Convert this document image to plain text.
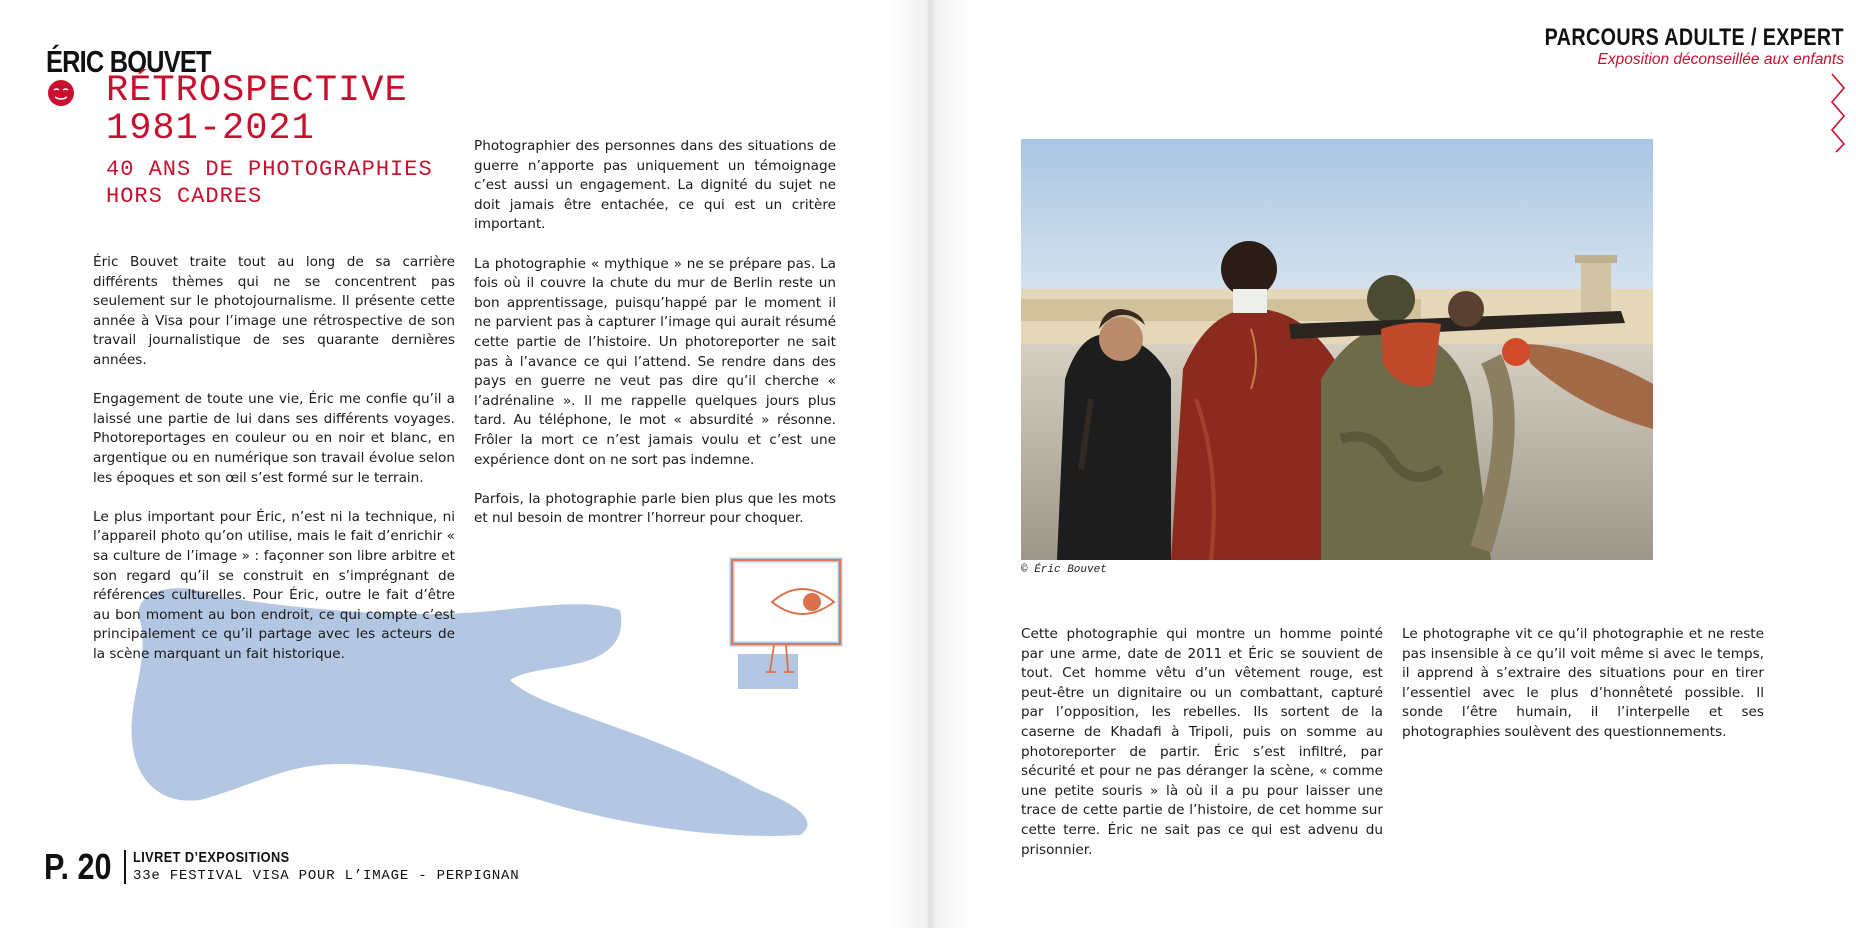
ÉRIC BOUVET
RÉTROSPECTIVE
1981-2021
40 ANS DE PHOTOGRAPHIES
HORS CADRES

Éric Bouvet traite tout au long de sa carrière différents thèmes qui ne se concentrent pas seulement sur le photojournalisme. Il présente cette année à Visa pour l’image une rétrospective de son travail journalistique de ses quarante dernières années.

Engagement de toute une vie, Éric me confie qu’il a laissé une partie de lui dans ses différents voyages. Photoreportages en couleur ou en noir et blanc, en argentique ou en numérique son travail évolue selon les époques et son œil s’est formé sur le terrain.

Le plus important pour Éric, n’est ni la technique, ni l’appareil photo qu’on utilise, mais le fait d’enrichir « sa culture de l’image » : façonner son libre arbitre et son regard qu’il se construit en s’imprégnant de références culturelles. Pour Éric, outre le fait d’être au bon moment au bon endroit, ce qui compte c’est principalement ce qu’il partage avec les acteurs de la scène marquant un fait historique.

Photographier des personnes dans des situations de guerre n’apporte pas uniquement un témoignage c’est aussi un engagement. La dignité du sujet ne doit jamais être entachée, ce qui est un critère important.

La photographie « mythique » ne se prépare pas. La fois où il couvre la chute du mur de Berlin reste un bon apprentissage, puisqu’happé par le moment il ne parvient pas à capturer l’image qui aurait résumé cette partie de l’histoire. Un photoreporter ne sait pas à l’avance ce qui l’attend. Se rendre dans des pays en guerre ne veut pas dire qu’il cherche « l’adrénaline ». Il me rappelle quelques jours plus tard. Au téléphone, le mot « absurdité » résonne. Frôler la mort ce n’est jamais voulu et c’est une expérience dont on ne sort pas indemne.

Parfois, la photographie parle bien plus que les mots et nul besoin de montrer l’horreur pour choquer.

P. 20 LIVRET D’EXPOSITIONS
33e FESTIVAL VISA POUR L’IMAGE - PERPIGNAN
PARCOURS ADULTE / EXPERT
Exposition déconseillée aux enfants
© Éric Bouvet

Cette photographie qui montre un homme pointé par une arme, date de 2011 et Éric se souvient de tout. Cet homme vêtu d’un vêtement rouge, est peut-être un dignitaire ou un combattant, capturé par l’opposition, les rebelles. Ils sortent de la caserne de Khadafi à Tripoli, puis on somme au photoreporter de partir. Éric s’est infiltré, par sécurité et pour ne pas déranger la scène, « comme une petite souris » là où il a pu pour laisser une trace de cette partie de l’histoire, de cet homme sur cette terre. Éric ne sait pas ce qui est advenu du prisonnier.

Le photographe vit ce qu’il photographie et ne reste pas insensible à ce qu’il voit même si avec le temps, il apprend à s’extraire des situations pour en tirer l’essentiel avec le plus d’honnêteté possible. Il sonde l’être humain, il l’interpelle et ses photographies soulèvent des questionnements.
